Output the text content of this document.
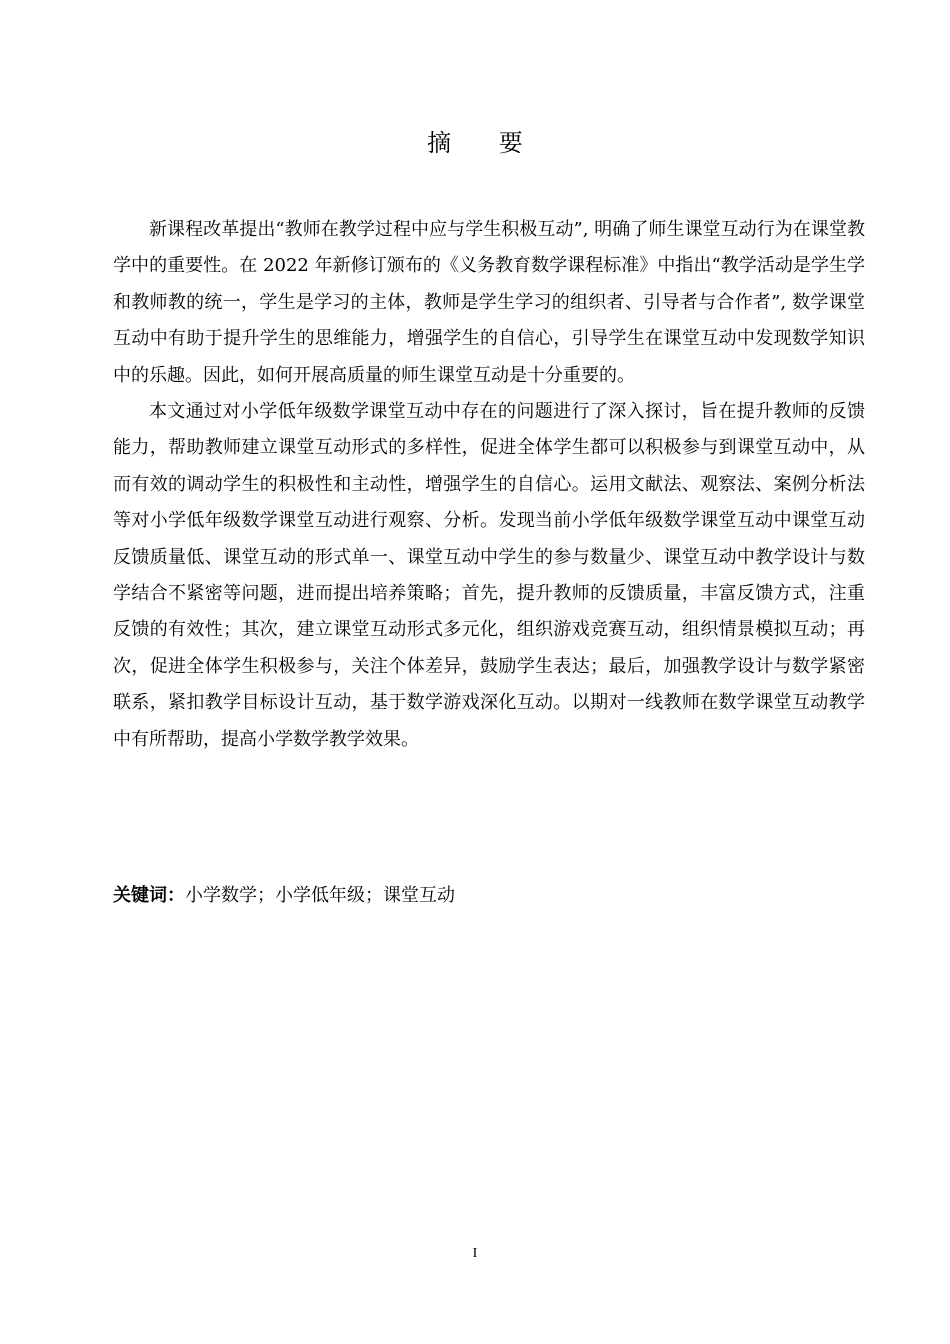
摘 要

新课程改革提出“教师在教学过程中应与学生积极互动”, 明确了师生课堂互动行为在课堂教学中的重要性。在 2022 年新修订颁布的《义务教育数学课程标准》中指出“教学活动是学生学和教师教的统一，学生是学习的主体，教师是学生学习的组织者、引导者与合作者”, 数学课堂互动中有助于提升学生的思维能力，增强学生的自信心，引导学生在课堂互动中发现数学知识中的乐趣。因此，如何开展高质量的师生课堂互动是十分重要的。

本文通过对小学低年级数学课堂互动中存在的问题进行了深入探讨，旨在提升教师的反馈能力，帮助教师建立课堂互动形式的多样性，促进全体学生都可以积极参与到课堂互动中，从而有效的调动学生的积极性和主动性，增强学生的自信心。运用文献法、观察法、案例分析法等对小学低年级数学课堂互动进行观察、分析。发现当前小学低年级数学课堂互动中课堂互动反馈质量低、课堂互动的形式单一、课堂互动中学生的参与数量少、课堂互动中教学设计与数学结合不紧密等问题，进而提出培养策略；首先，提升教师的反馈质量，丰富反馈方式，注重反馈的有效性；其次，建立课堂互动形式多元化，组织游戏竞赛互动，组织情景模拟互动；再次，促进全体学生积极参与，关注个体差异，鼓励学生表达；最后，加强教学设计与数学紧密联系，紧扣教学目标设计互动，基于数学游戏深化互动。以期对一线教师在数学课堂互动教学中有所帮助，提高小学数学教学效果。

关键词：小学数学；小学低年级；课堂互动
I
